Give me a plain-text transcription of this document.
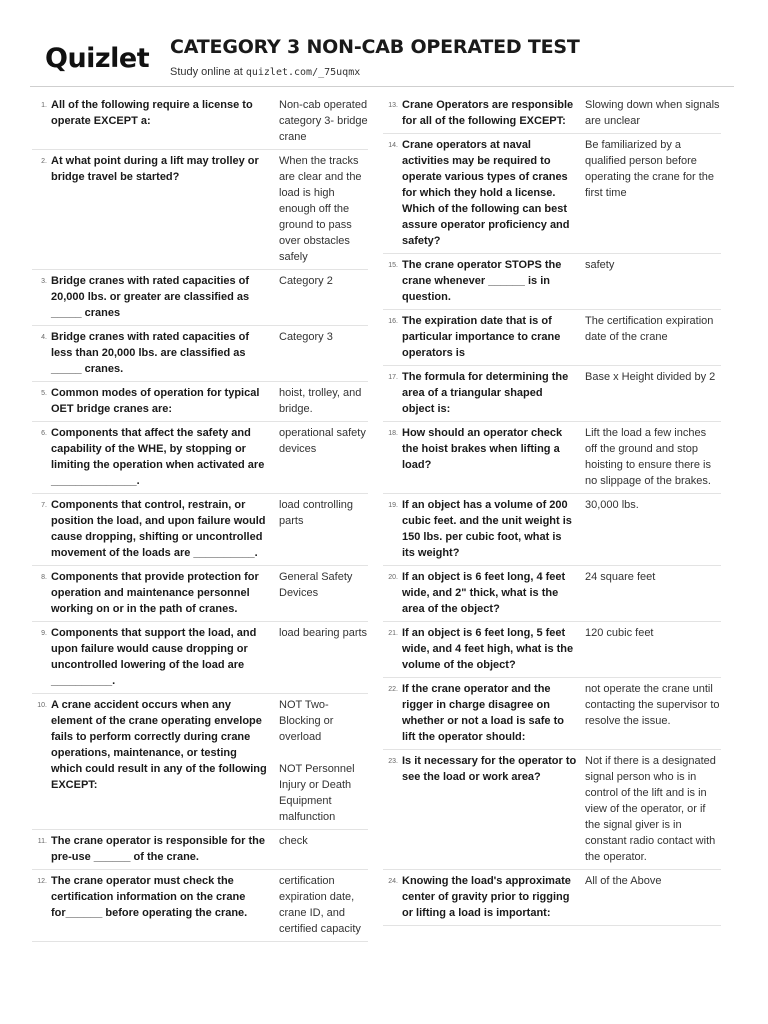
Quizlet CATEGORY 3 NON-CAB OPERATED TEST
Study online at quizlet.com/_75uqmx
1. All of the following require a license to operate EXCEPT a:
Non-cab operated category 3- bridge crane
2. At what point during a lift may trolley or bridge travel be started?
When the tracks are clear and the load is high enough off the ground to pass over obstacles safely
3. Bridge cranes with rated capacities of 20,000 lbs. or greater are classified as _____ cranes
Category 2
4. Bridge cranes with rated capacities of less than 20,000 lbs. are classified as _____ cranes.
Category 3
5. Common modes of operation for typical OET bridge cranes are:
hoist, trolley, and bridge.
6. Components that affect the safety and capability of the WHE, by stopping or limiting the operation when activated are ______________.
operational safety devices
7. Components that control, restrain, or position the load, and upon failure would cause dropping, shifting or uncontrolled movement of the loads are __________.
load controlling parts
8. Components that provide protection for operation and maintenance personnel working on or in the path of cranes.
General Safety Devices
9. Components that support the load, and upon failure would cause dropping or uncontrolled lowering of the load are __________.
load bearing parts
10. A crane accident occurs when any element of the crane operating envelope fails to perform correctly during crane operations, maintenance, or testing which could result in any of the following EXCEPT:
NOT Two-Blocking or overload

NOT Personnel Injury or Death Equipment malfunction
11. The crane operator is responsible for the pre-use ______ of the crane.
check
12. The crane operator must check the certification information on the crane for______ before operating the crane.
certification expiration date, crane ID, and certified capacity
13. Crane Operators are responsible for all of the following EXCEPT:
Slowing down when signals are unclear
14. Crane operators at naval activities may be required to operate various types of cranes for which they hold a license. Which of the following can best assure operator proficiency and safety?
Be familiarized by a qualified person before operating the crane for the first time
15. The crane operator STOPS the crane whenever ______ is in question.
safety
16. The expiration date that is of particular importance to crane operators is
The certification expiration date of the crane
17. The formula for determining the area of a triangular shaped object is:
Base x Height divided by 2
18. How should an operator check the hoist brakes when lifting a load?
Lift the load a few inches off the ground and stop hoisting to ensure there is no slippage of the brakes.
19. If an object has a volume of 200 cubic feet. and the unit weight is 150 lbs. per cubic foot, what is its weight?
30,000 lbs.
20. If an object is 6 feet long, 4 feet wide, and 2" thick, what is the area of the object?
24 square feet
21. If an object is 6 feet long, 5 feet wide, and 4 feet high, what is the volume of the object?
120 cubic feet
22. If the crane operator and the rigger in charge disagree on whether or not a load is safe to lift the operator should:
not operate the crane until contacting the supervisor to resolve the issue.
23. Is it necessary for the operator to see the load or work area?
Not if there is a designated signal person who is in control of the lift and is in view of the operator, or if the signal giver is in constant radio contact with the operator.
24. Knowing the load's approximate center of gravity prior to rigging or lifting a load is important:
All of the Above
